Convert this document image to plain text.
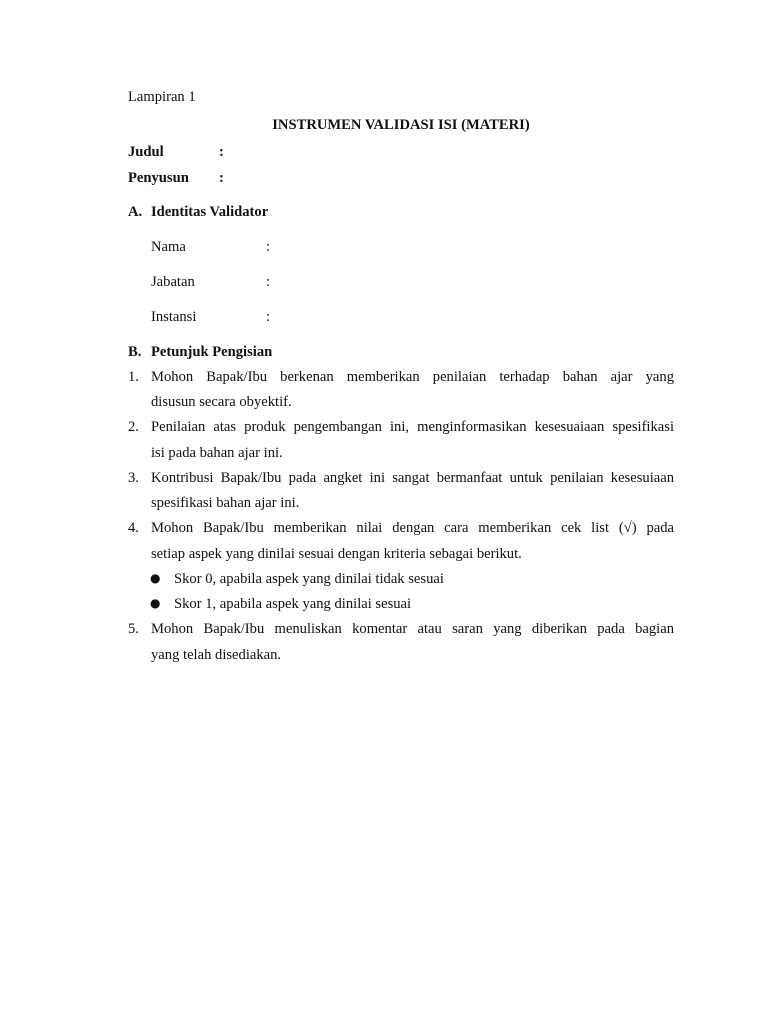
Lampiran 1
INSTRUMEN VALIDASI ISI (MATERI)
Judul	:
Penyusun :
A. Identitas Validator
Nama	:
Jabatan	:
Instansi	:
B. Petunjuk Pengisian
1. Mohon Bapak/Ibu berkenan memberikan penilaian terhadap bahan ajar yang
disusun secara obyektif.
2. Penilaian atas produk pengembangan ini, menginformasikan kesesuaiaan spesifikasi
isi pada bahan ajar ini.
3. Kontribusi Bapak/Ibu pada angket ini sangat bermanfaat untuk penilaian kesesuiaan
spesifikasi bahan ajar ini.
4. Mohon Bapak/Ibu memberikan nilai dengan cara memberikan cek list (√) pada
setiap aspek yang dinilai sesuai dengan kriteria sebagai berikut.
● Skor 0, apabila aspek yang dinilai tidak sesuai
● Skor 1, apabila aspek yang dinilai sesuai
5. Mohon Bapak/Ibu menuliskan komentar atau saran yang diberikan pada bagian
yang telah disediakan.
